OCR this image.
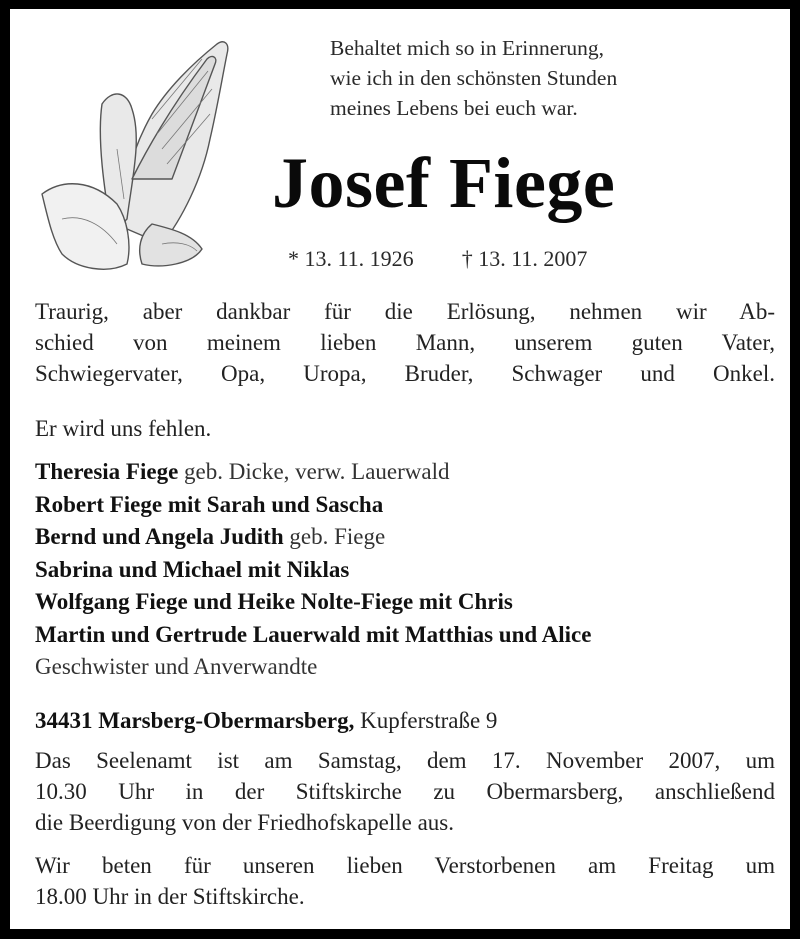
Behaltet mich so in Erinnerung,
wie ich in den schönsten Stunden
meines Lebens bei euch war.
Josef Fiege
* 13. 11. 1926 † 13. 11. 2007
Traurig, aber dankbar für die Erlösung, nehmen wir Ab-
schied von meinem lieben Mann, unserem guten Vater,
Schwiegervater, Opa, Uropa, Bruder, Schwager und Onkel.
Er wird uns fehlen.
Theresia Fiege geb. Dicke, verw. Lauerwald
Robert Fiege mit Sarah und Sascha
Bernd und Angela Judith geb. Fiege
Sabrina und Michael mit Niklas
Wolfgang Fiege und Heike Nolte-Fiege mit Chris
Martin und Gertrude Lauerwald mit Matthias und Alice
Geschwister und Anverwandte
34431 Marsberg-Obermarsberg, Kupferstraße 9
Das Seelenamt ist am Samstag, dem 17. November 2007, um
10.30 Uhr in der Stiftskirche zu Obermarsberg, anschließend
die Beerdigung von der Friedhofskapelle aus.
Wir beten für unseren lieben Verstorbenen am Freitag um
18.00 Uhr in der Stiftskirche.
